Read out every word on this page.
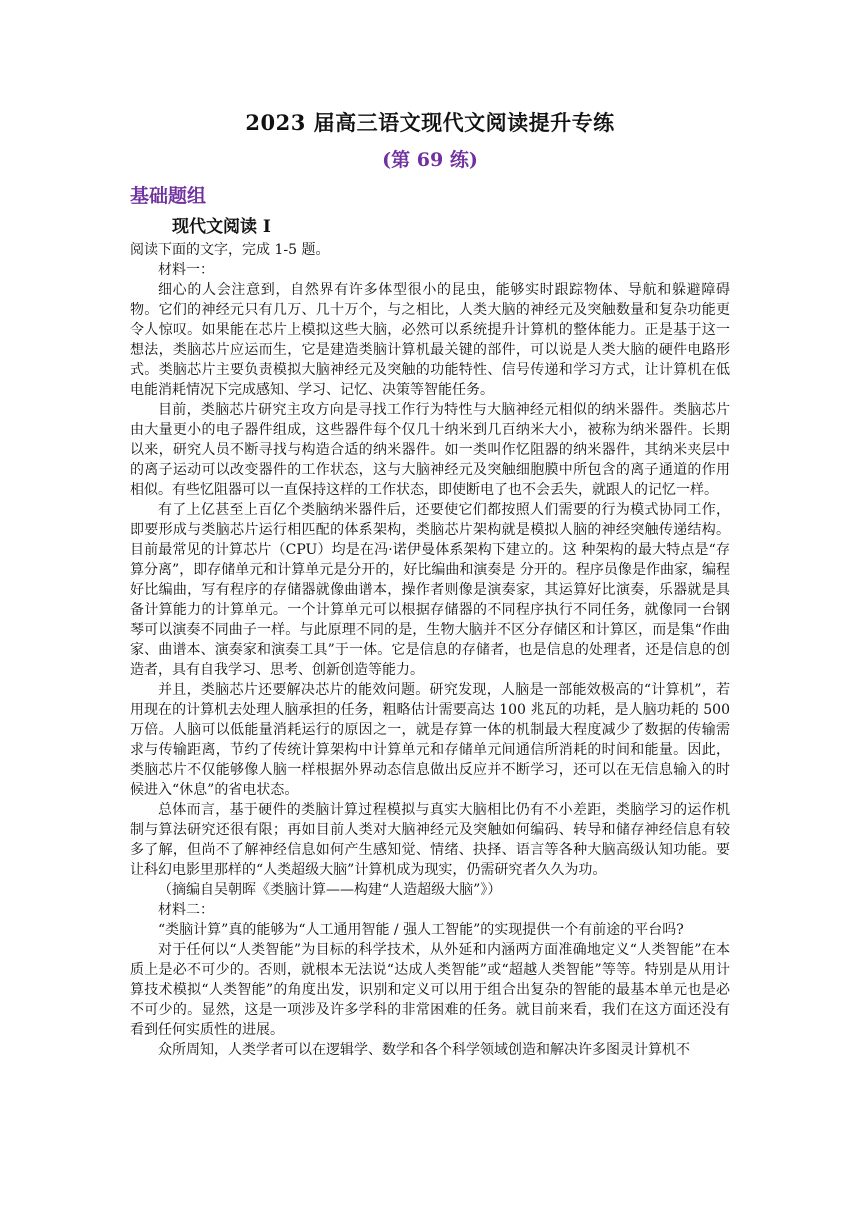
2023 届高三语文现代文阅读提升专练
(第 69 练)
基础题组
现代文阅读 I

阅读下面的文字，完成 1-5 题。

材料一：

细心的人会注意到，自然界有许多体型很小的昆虫，能够实时跟踪物体、导航和躲避障碍物。它们的神经元只有几万、几十万个，与之相比，人类大脑的神经元及突触数量和复杂功能更令人惊叹。如果能在芯片上模拟这些大脑，必然可以系统提升计算机的整体能力。正是基于这一想法，类脑芯片应运而生，它是建造类脑计算机最关键的部件，可以说是人类大脑的硬件电路形式。类脑芯片主要负责模拟大脑神经元及突触的功能特性、信号传递和学习方式，让计算机在低电能消耗情况下完成感知、学习、记忆、决策等智能任务。

目前，类脑芯片研究主攻方向是寻找工作行为特性与大脑神经元相似的纳米器件。类脑芯片由大量更小的电子器件组成，这些器件每个仅几十纳米到几百纳米大小，被称为纳米器件。长期以来，研究人员不断寻找与构造合适的纳米器件。如一类叫作忆阻器的纳米器件，其纳米夹层中的离子运动可以改变器件的工作状态，这与大脑神经元及突触细胞膜中所包含的离子通道的作用相似。有些忆阻器可以一直保持这样的工作状态，即使断电了也不会丢失，就跟人的记忆一样。

有了上亿甚至上百亿个类脑纳米器件后，还要使它们都按照人们需要的行为模式协同工作，即要形成与类脑芯片运行相匹配的体系架构，类脑芯片架构就是模拟人脑的神经突触传递结构。目前最常见的计算芯片（CPU）均是在冯·诺伊曼体系架构下建立的。这 种架构的最大特点是“存算分离”，即存储单元和计算单元是分开的，好比编曲和演奏是 分开的。程序员像是作曲家，编程好比编曲，写有程序的存储器就像曲谱本，操作者则像是演奏家，其运算好比演奏，乐器就是具备计算能力的计算单元。一个计算单元可以根据存储器的不同程序执行不同任务，就像同一台钢琴可以演奏不同曲子一样。与此原理不同的是，生物大脑并不区分存储区和计算区，而是集“作曲家、曲谱本、演奏家和演奏工具”于一体。它是信息的存储者，也是信息的处理者，还是信息的创造者，具有自我学习、思考、创新创造等能力。

并且，类脑芯片还要解决芯片的能效问题。研究发现，人脑是一部能效极高的“计算机”，若用现在的计算机去处理人脑承担的任务，粗略估计需要高达 100 兆瓦的功耗，是人脑功耗的 500 万倍。人脑可以低能量消耗运行的原因之一，就是存算一体的机制最大程度减少了数据的传输需求与传输距离，节约了传统计算架构中计算单元和存储单元间通信所消耗的时间和能量。因此，类脑芯片不仅能够像人脑一样根据外界动态信息做出反应并不断学习，还可以在无信息输入的时候进入“休息”的省电状态。

总体而言，基于硬件的类脑计算过程模拟与真实大脑相比仍有不小差距，类脑学习的运作机制与算法研究还很有限；再如目前人类对大脑神经元及突触如何编码、转导和储存神经信息有较多了解，但尚不了解神经信息如何产生感知觉、情绪、抉择、语言等各种大脑高级认知功能。要让科幻电影里那样的“人类超级大脑”计算机成为现实，仍需研究者久久为功。

（摘编自吴朝晖《类脑计算——构建“人造超级大脑”》）

材料二：

“类脑计算”真的能够为“人工通用智能 / 强人工智能”的实现提供一个有前途的平台吗?

对于任何以“人类智能”为目标的科学技术，从外延和内涵两方面准确地定义“人类智能”在本质上是必不可少的。否则，就根本无法说“达成人类智能”或“超越人类智能”等等。特别是从用计算技术模拟“人类智能”的角度出发，识别和定义可以用于组合出复杂的智能的最基本单元也是必不可少的。显然，这是一项涉及许多学科的非常困难的任务。就目前来看，我们在这方面还没有看到任何实质性的进展。

众所周知，人类学者可以在逻辑学、数学和各个科学领域创造和解决许多图灵计算机不
